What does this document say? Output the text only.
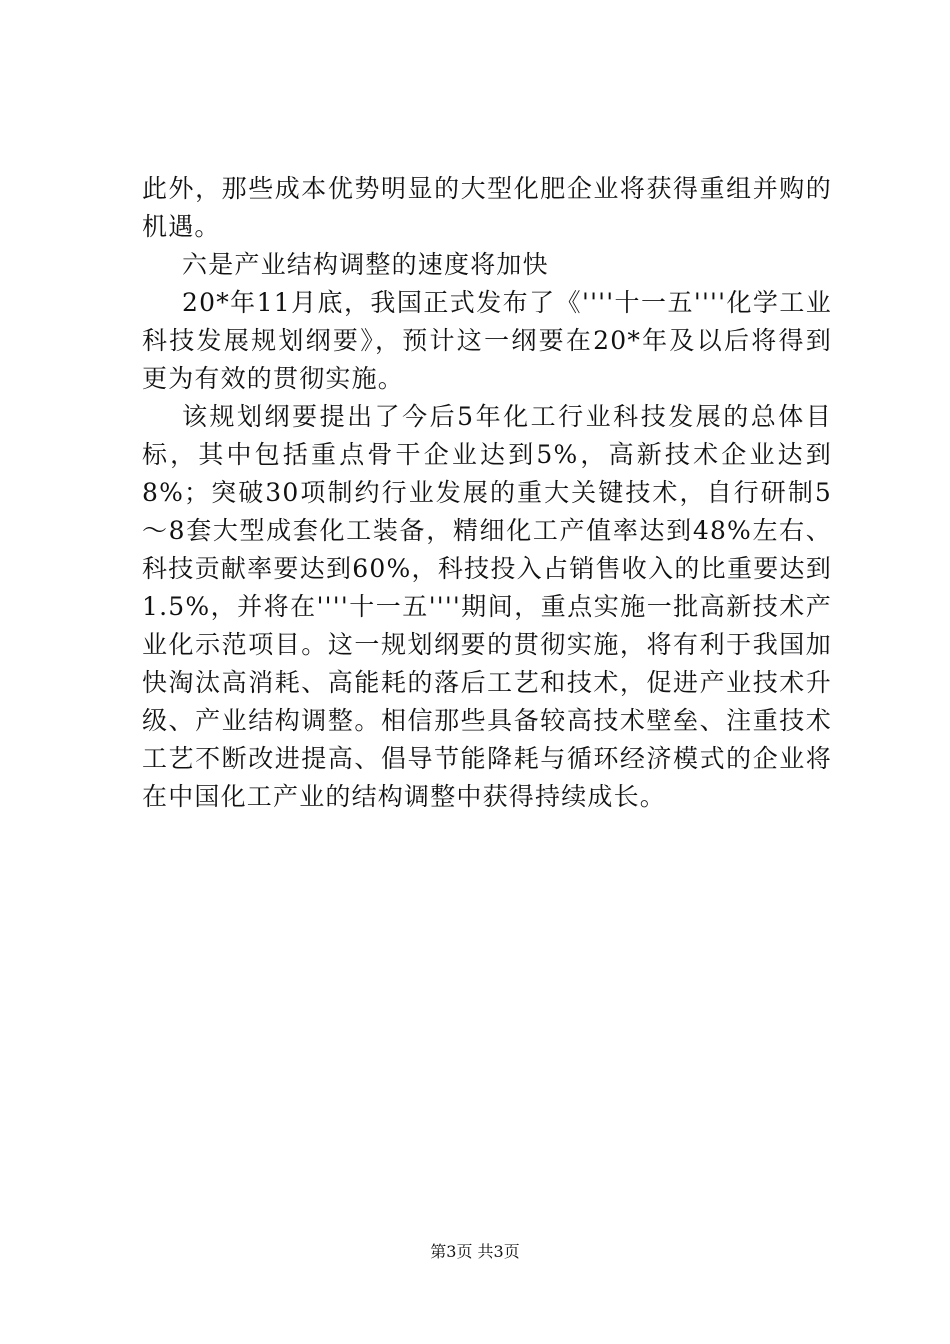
此外，那些成本优势明显的大型化肥企业将获得重组并购的机遇。

六是产业结构调整的速度将加快

20*年11月底，我国正式发布了《''''十一五''''化学工业科技发展规划纲要》，预计这一纲要在20*年及以后将得到更为有效的贯彻实施。

该规划纲要提出了今后5年化工行业科技发展的总体目标，其中包括重点骨干企业达到5%，高新技术企业达到8%；突破30项制约行业发展的重大关键技术，自行研制5～8套大型成套化工装备，精细化工产值率达到48%左右、科技贡献率要达到60%，科技投入占销售收入的比重要达到1.5%，并将在''''十一五''''期间，重点实施一批高新技术产业化示范项目。这一规划纲要的贯彻实施，将有利于我国加快淘汰高消耗、高能耗的落后工艺和技术，促进产业技术升级、产业结构调整。相信那些具备较高技术壁垒、注重技术工艺不断改进提高、倡导节能降耗与循环经济模式的企业将在中国化工产业的结构调整中获得持续成长。

第3页 共3页
